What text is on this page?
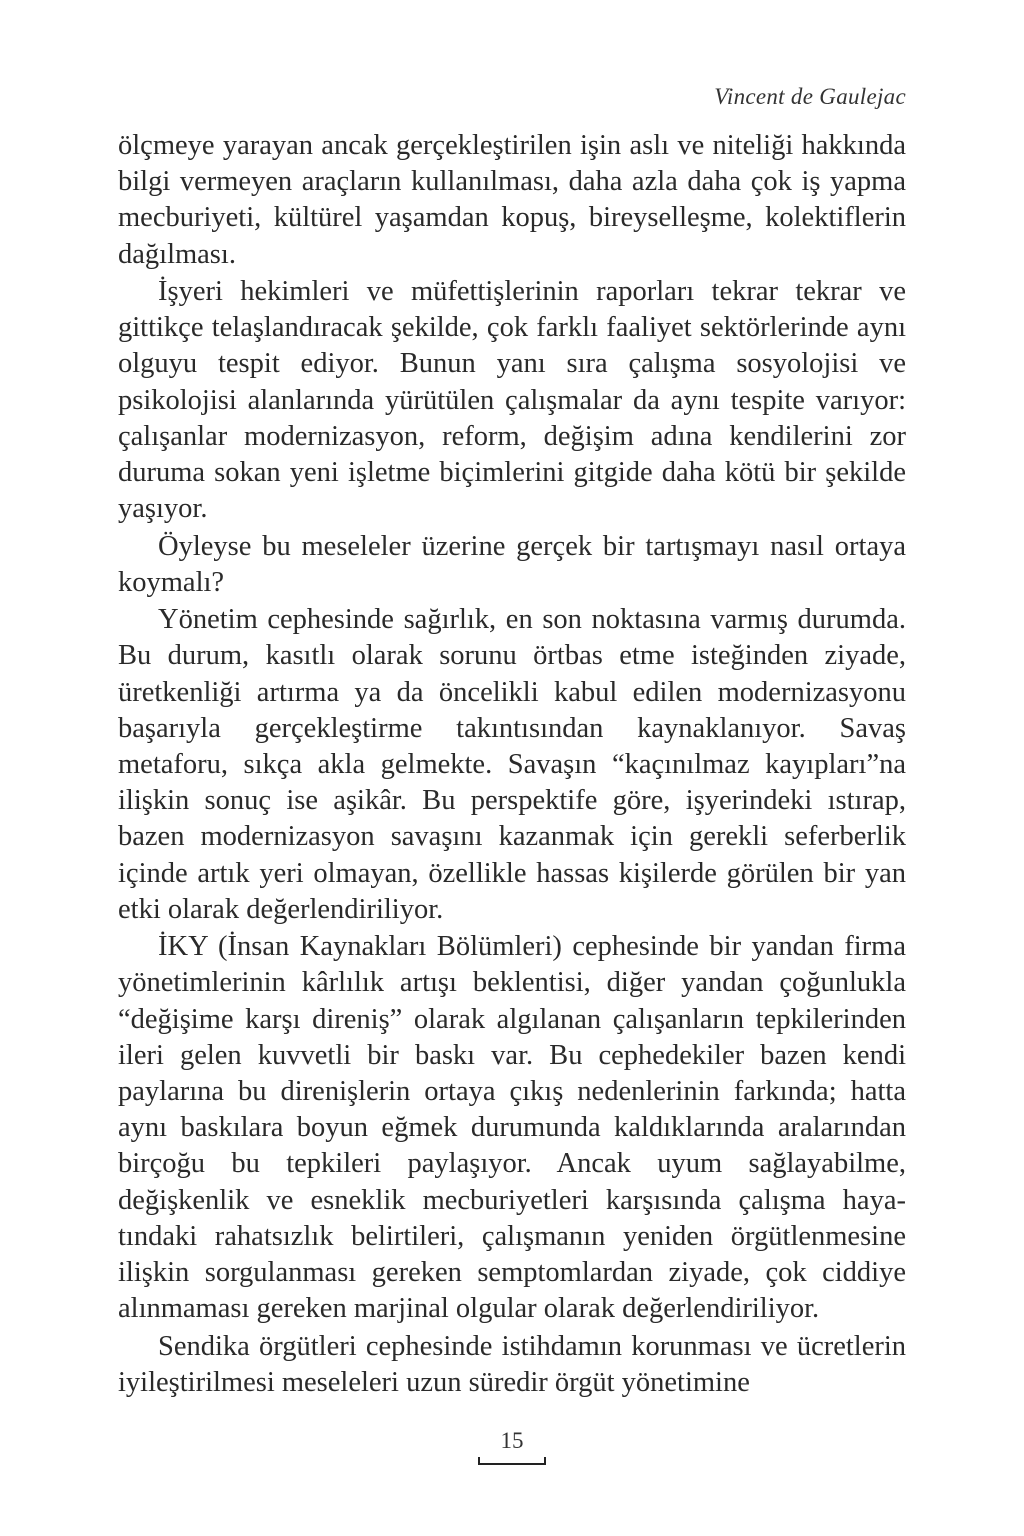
Vincent de Gaulejac

ölçmeye yarayan ancak gerçekleştirilen işin aslı ve niteliği hakkında bilgi vermeyen araçların kullanılması, daha azla daha çok iş yapma mecburiyeti, kültürel yaşamdan kopuş, bireyselleşme, kolektiflerin dağılması.

İşyeri hekimleri ve müfettişlerinin raporları tekrar tekrar ve gittikçe telaşlandıracak şekilde, çok farklı faaliyet sektörlerinde aynı olguyu tespit ediyor. Bunun yanı sıra çalışma sosyolojisi ve psikolojisi alanlarında yürütülen çalışmalar da aynı tespite varıyor: çalışanlar modernizasyon, reform, değişim adına kendilerini zor duruma sokan yeni işletme biçimlerini gitgide daha kötü bir şekilde yaşıyor.

Öyleyse bu meseleler üzerine gerçek bir tartışmayı nasıl ortaya koymalı?

Yönetim cephesinde sağırlık, en son noktasına varmış durumda. Bu durum, kasıtlı olarak sorunu örtbas etme isteğinden ziyade, üretkenliği artırma ya da öncelikli kabul edilen modernizasyonu başarıyla gerçekleştirme takıntısından kaynaklanıyor. Savaş metaforu, sıkça akla gelmekte. Savaşın “kaçınılmaz kayıpları”na ilişkin sonuç ise aşikâr. Bu perspektife göre, işyerindeki ıstırap, bazen modernizasyon savaşını kazanmak için gerekli seferberlik içinde artık yeri olmayan, özellikle hassas kişilerde görülen bir yan etki olarak değerlendiriliyor.

İKY (İnsan Kaynakları Bölümleri) cephesinde bir yandan firma yönetimlerinin kârlılık artışı beklentisi, diğer yandan çoğunlukla “değişime karşı direniş” olarak algılanan çalışanların tepkilerinden ileri gelen kuvvetli bir baskı var. Bu cephedekiler bazen kendi paylarına bu direnişlerin ortaya çıkış nedenlerinin farkında; hatta aynı baskılara boyun eğmek durumunda kaldıklarında aralarından birçoğu bu tepkileri paylaşıyor. Ancak uyum sağlayabilme, değişkenlik ve esneklik mecburiyetleri karşısında çalışma hayatındaki rahatsızlık belirtileri, çalışmanın yeniden örgütlenmesine ilişkin sorgulanması gereken semptomlardan ziyade, çok ciddiye alınmaması gereken marjinal olgular olarak değerlendiriliyor.

Sendika örgütleri cephesinde istihdamın korunması ve ücretlerin iyileştirilmesi meseleleri uzun süredir örgüt yönetimine

15
